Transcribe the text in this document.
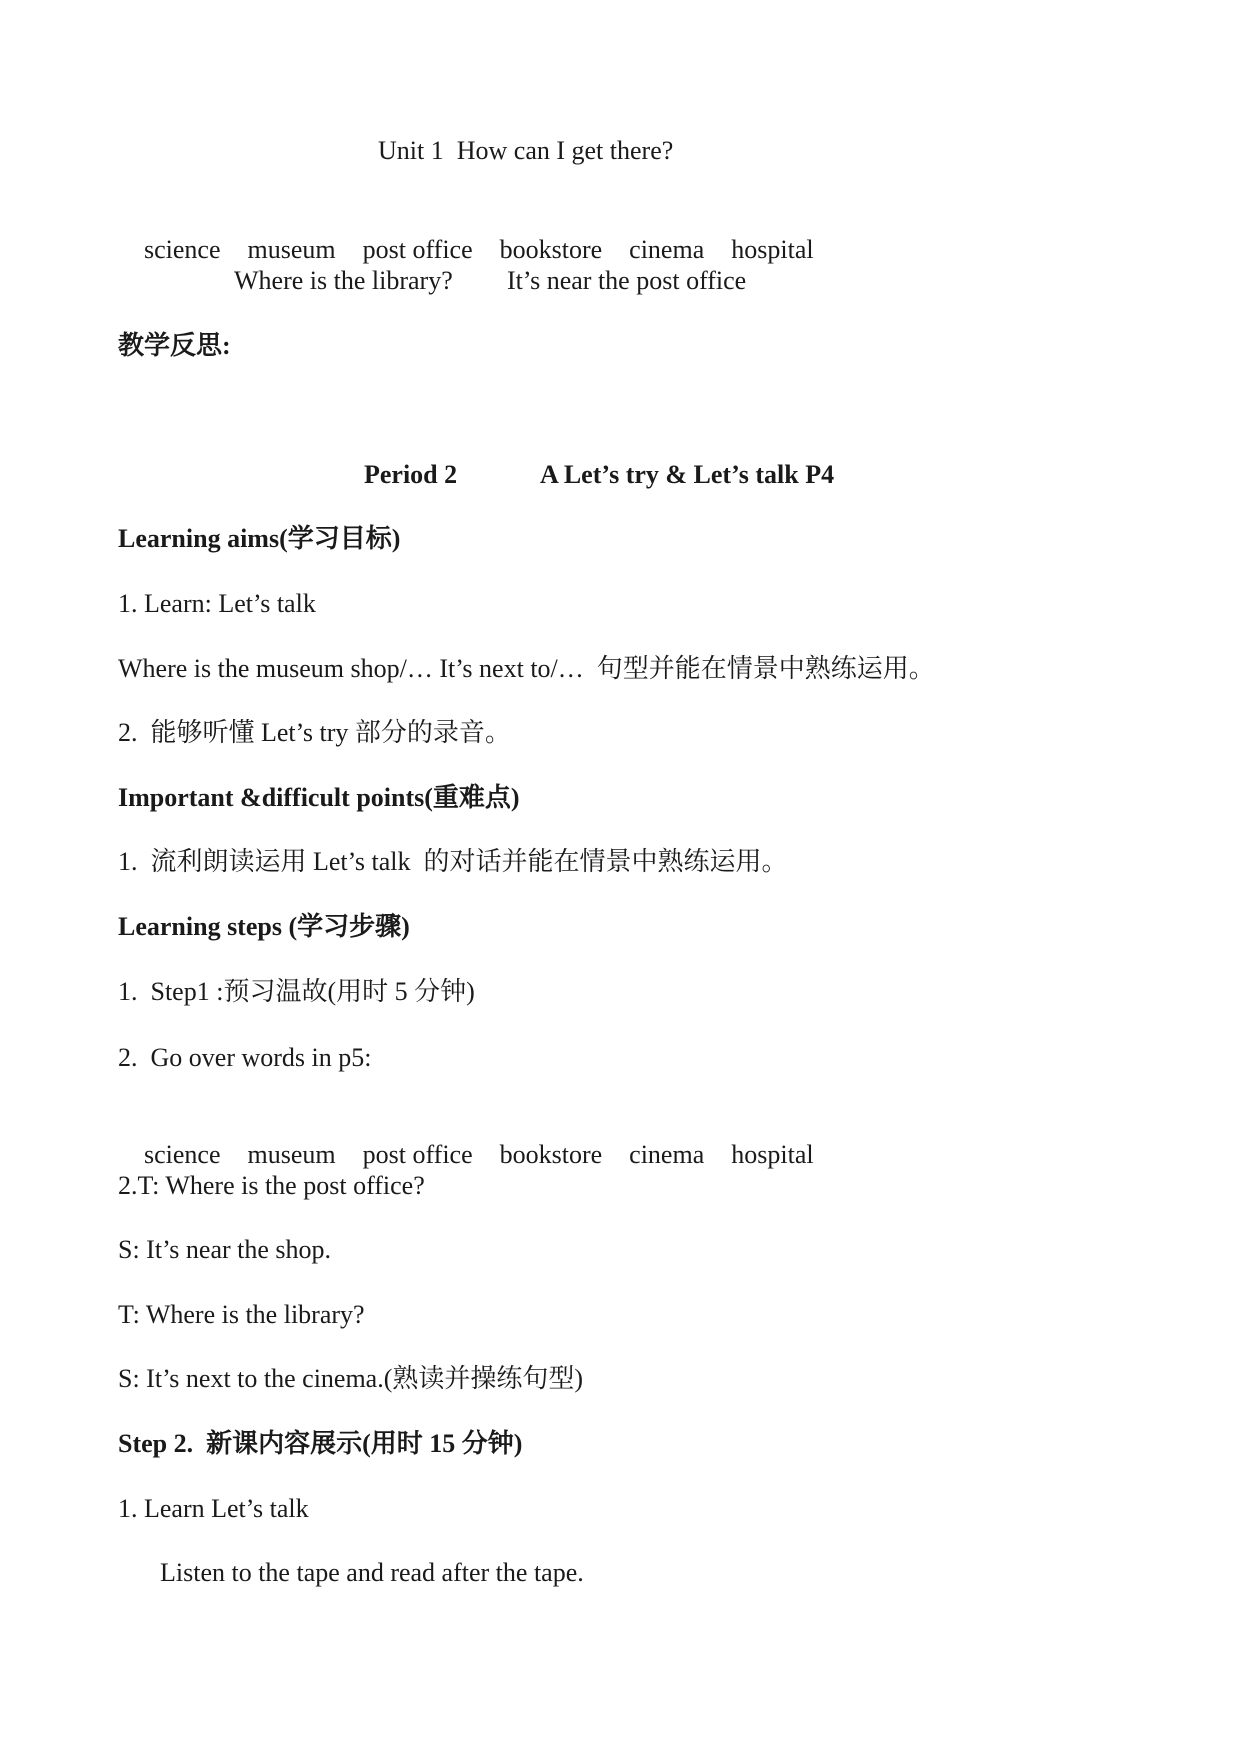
Unit 1  How can I get there?

science museum post office bookstore cinema hospital

Where is the library? It’s near the post office
教学反思:
Period 2	A Let’s try & Let’s talk P4
Learning aims(学习目标)
1. Learn: Let’s talk
Where is the museum shop/… It’s next to/…  句型并能在情景中熟练运用。
2.  能够听懂 Let’s try 部分的录音。
Important &difficult points(重难点)
1.  流利朗读运用 Let’s talk  的对话并能在情景中熟练运用。
Learning steps (学习步骤)
1.  Step1 :预习温故(用时 5 分钟)
2.  Go over words in p5:

science museum post office bookstore cinema hospital

2.T: Where is the post office?
S: It’s near the shop.
T: Where is the library?
S: It’s next to the cinema.(熟读并操练句型)
Step 2.  新课内容展示(用时 15 分钟)
1. Learn Let’s talk
Listen to the tape and read after the tape.
